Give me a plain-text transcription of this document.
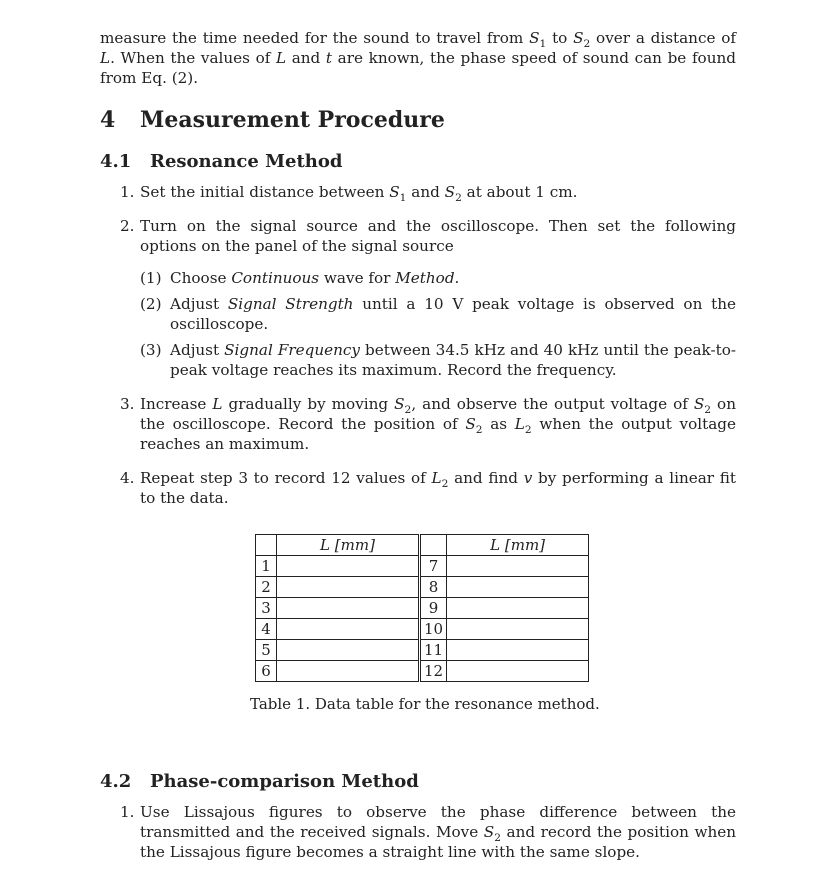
measure the time needed for the sound to travel from $S_1$ to $S_2$ over a distance of L. When the values of L and t are known, the phase speed of sound can be found from Eq. (2).

4 Measurement Procedure
4.1 Resonance Method
1. Set the initial distance between $S_1$ and $S_2$ at about 1 cm.
2. Turn on the signal source and the oscilloscope. Then set the following options on the panel of the signal source
(1) Choose Continuous wave for Method.
(2) Adjust Signal Strength until a 10 V peak voltage is observed on the oscilloscope.
(3) Adjust Signal Frequency between 34.5 kHz and 40 kHz until the peak-to-peak voltage reaches its maximum. Record the frequency.
3. Increase L gradually by moving $S_2$, and observe the output voltage of $S_2$ on the oscilloscope. Record the position of $S_2$ as $L_2$ when the output voltage reaches an maximum.
4. Repeat step 3 to record 12 values of $L_2$ and find v by performing a linear fit to the data.
	L [mm]		L [mm]
1		7	
2		8	
3		9	
4		10	
5		11	
6		12	

Table 1. Data table for the resonance method.

4.2 Phase-comparison Method
1. Use Lissajous figures to observe the phase difference between the transmitted and the received signals. Move $S_2$ and record the position when the Lissajous figure becomes a straight line with the same slope.
